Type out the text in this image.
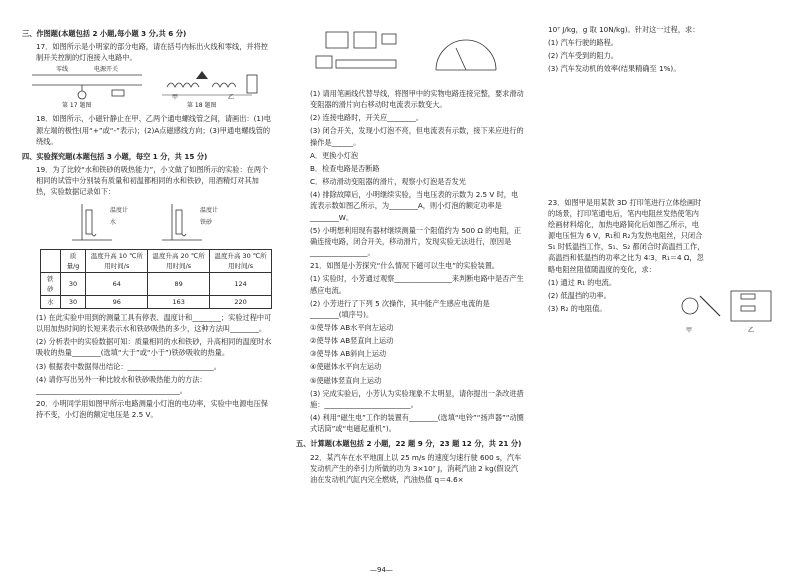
三、作图题(本题包括 2 小题,每小题 3 分,共 6 分)
17．如图所示是小明家的部分电路，请在括号内标出火线和零线，并将控制开关控制的灯泡接入电路中。
零线	电源开关
第 17 题图
甲	乙
第 18 题图
18．如图所示，小磁针静止在甲、乙两个通电螺线管之间，请画出：(1)电源左端的极性(用“+”或“-”表示)；(2)A点磁感线方向；(3)甲通电螺线管的绕线。
四、实验探究题(本题包括 3 小题，每空 1 分，共 15 分)
19．为了比较“水和铁砂的吸热能力”，小文做了如图所示的实验：在两个相同的试管中分别装有质量和初温都相同的水和铁砂，用酒精灯对其加热，实验数据记录如下：
温度计
水
温度计
铁砂
	质量/g	温度升高 10 ℃所用时间/s	温度升高 20 ℃所用时间/s	温度升高 30 ℃所用时间/s
铁砂	30	64	89	124
水	30	96	163	220
(1) 在此实验中用到的测量工具有停表、温度计和________；实验过程中可以用加热时间的长短来表示水和铁砂吸热的多少，这种方法叫________。
(2) 分析表中的实验数据可知：质量相同的水和铁砂，升高相同的温度时水吸收的热量________(选填“大于”或“小于”)铁砂吸收的热量。
(3) 根据表中数据得出结论：________________________。
(4) 请你写出另外一种比较水和铁砂吸热能力的方法：________________________________________。
20．小明同学用如图甲所示电路测量小灯泡的电功率，实验中电源电压保持不变，小灯泡的额定电压是 2.5 V。
(1) 请用笔画线代替导线，将图甲中的实物电路连接完整，要求滑动变阻器的滑片向右移动时电流表示数变大。
(2) 连接电路时，开关应________。
(3) 闭合开关，发现小灯泡不亮，但电流表有示数，接下来应进行的操作是______。
A．更换小灯泡
B．检查电路是否断路
C．移动滑动变阻器的滑片，观察小灯泡是否发光
(4) 排除故障后，小明继续实验，当电压表的示数为 2.5 V 时，电流表示数如图乙所示，为________A，则小灯泡的额定功率是________W。
(5) 小明想利用现有器材继续测量一个阻值约为 500 Ω 的电阻，正确连接电路，闭合开关，移动滑片，发现实验无法进行，原因是________________。
21．如图是小芳探究“什么情况下磁可以生电”的实验装置。
(1) 实验时，小芳通过观察________________来判断电路中是否产生感应电流。
(2) 小芳进行了下列 5 次操作，其中能产生感应电流的是________(填序号)。
①使导体 AB水平向左运动
②使导体 AB竖直向上运动
③使导体 AB斜向上运动
④使磁体水平向左运动
⑤使磁体竖直向上运动
(3) 完成实验后，小芳认为实验现象不太明显，请你提出一条改进措施：________________________。
(4) 利用“磁生电”工作的装置有________(选填“电铃”“扬声器”“动圈式话筒”或“电磁起重机”)。
五、计算题(本题包括 2 小题，22 题 9 分，23 题 12 分，共 21 分)
22．某汽车在水平地面上以 25 m/s 的速度匀速行驶 600 s，汽车发动机产生的牵引力所做的功为 3×10⁷ J，消耗汽油 2 kg(假设汽油在发动机汽缸内完全燃烧，汽油热值 q＝4.6×
10⁷ J/kg，g 取 10N/kg)。针对这一过程，求：
(1) 汽车行驶的路程。
(2) 汽车受到的阻力。
(3) 汽车发动机的效率(结果精确至 1%)。
23．如图甲是用某款 3D 打印笔进行立体绘画时的场景，打印笔通电后，笔内电阻丝发热使笔内绘画材料熔化，加热电路简化后如图乙所示，电源电压恒为 6 V，R₁和 R₂为发热电阻丝，只闭合 S₁ 时低温挡工作，S₁、S₂ 都闭合时高温挡工作，高温挡和低温挡的功率之比为 4∶3，R₁＝4 Ω，忽略电阻丝阻值随温度的变化，求：
甲	乙
(1) 通过 R₁ 的电流。
(2) 低温挡的功率。
(3) R₂ 的电阻值。
—94—
